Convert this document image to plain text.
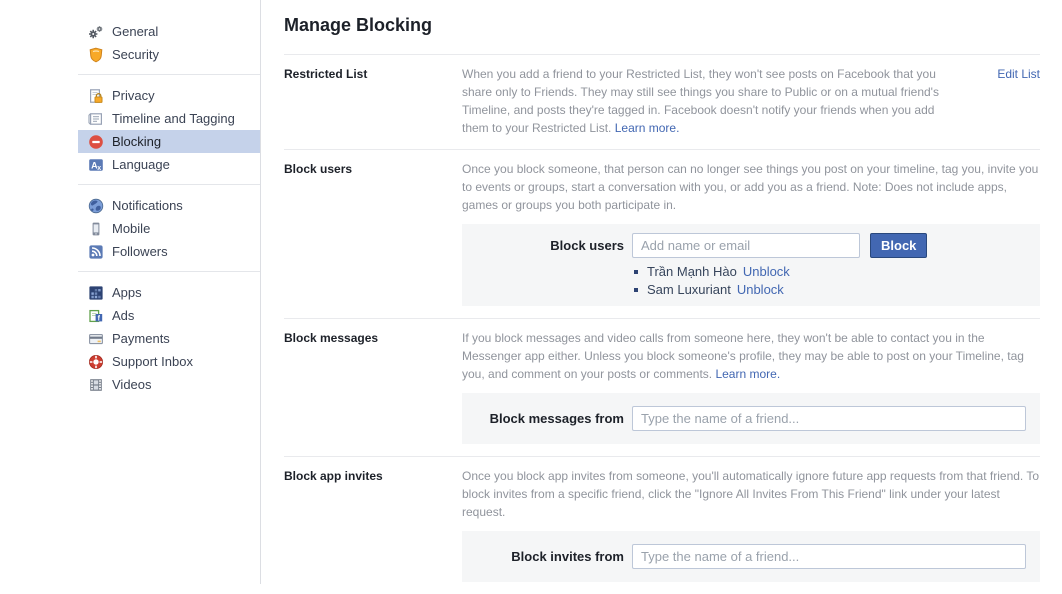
General
Security
Privacy
Timeline and Tagging
Blocking
A x Language
Notifications
Mobile
Followers
Apps
f Ads
Payments
Support Inbox
Videos
Manage Blocking
Restricted List	When you add a friend to your Restricted List, they won't see posts on Facebook that you share only to Friends. They may still see things you share to Public or on a mutual friend's Timeline, and posts they're tagged in. Facebook doesn't notify your friends when you add them to your Restricted List. Learn more.

Edit List
Block users	Once you block someone, that person can no longer see things you post on your timeline, tag you, invite you to events or groups, start a conversation with you, or add you as a friend. Note: Does not include apps, games or groups you both participate in.

Block users
Add name or email	Block
Trần Mạnh Hào Unblock
Sam Luxuriant Unblock
Block messages	If you block messages and video calls from someone here, they won't be able to contact you in the Messenger app either. Unless you block someone's profile, they may be able to post on your Timeline, tag you, and comment on your posts or comments. Learn more.

Block messages from
Type the name of a friend...
Block app invites	Once you block app invites from someone, you'll automatically ignore future app requests from that friend. To block invites from a specific friend, click the "Ignore All Invites From This Friend" link under your latest request.

Block invites from
Type the name of a friend...
